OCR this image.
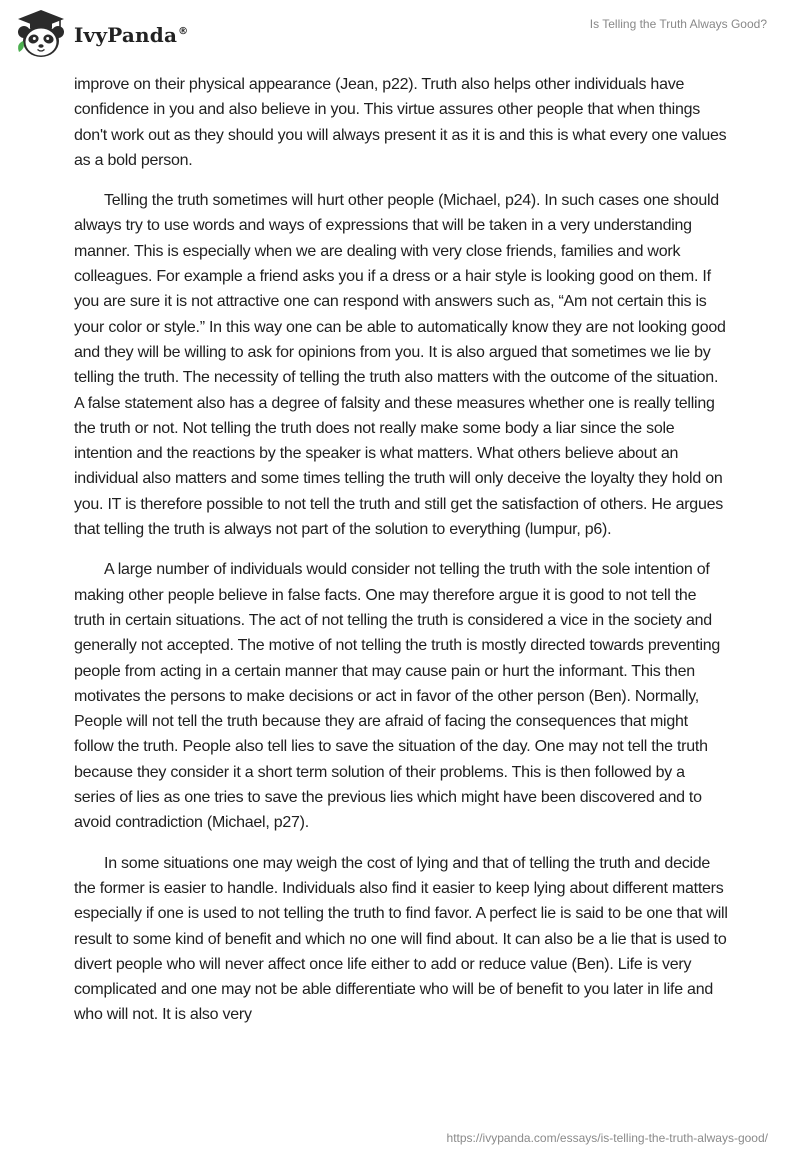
IvyPanda®
Is Telling the Truth Always Good?

improve on their physical appearance (Jean, p22). Truth also helps other individuals have confidence in you and also believe in you. This virtue assures other people that when things don't work out as they should you will always present it as it is and this is what every one values as a bold person.

Telling the truth sometimes will hurt other people (Michael, p24). In such cases one should always try to use words and ways of expressions that will be taken in a very understanding manner. This is especially when we are dealing with very close friends, families and work colleagues. For example a friend asks you if a dress or a hair style is looking good on them. If you are sure it is not attractive one can respond with answers such as, “Am not certain this is your color or style.” In this way one can be able to automatically know they are not looking good and they will be willing to ask for opinions from you. It is also argued that sometimes we lie by telling the truth. The necessity of telling the truth also matters with the outcome of the situation. A false statement also has a degree of falsity and these measures whether one is really telling the truth or not. Not telling the truth does not really make some body a liar since the sole intention and the reactions by the speaker is what matters. What others believe about an individual also matters and some times telling the truth will only deceive the loyalty they hold on you. IT is therefore possible to not tell the truth and still get the satisfaction of others. He argues that telling the truth is always not part of the solution to everything (lumpur, p6).

A large number of individuals would consider not telling the truth with the sole intention of making other people believe in false facts. One may therefore argue it is good to not tell the truth in certain situations. The act of not telling the truth is considered a vice in the society and generally not accepted. The motive of not telling the truth is mostly directed towards preventing people from acting in a certain manner that may cause pain or hurt the informant. This then motivates the persons to make decisions or act in favor of the other person (Ben). Normally, People will not tell the truth because they are afraid of facing the consequences that might follow the truth. People also tell lies to save the situation of the day. One may not tell the truth because they consider it a short term solution of their problems. This is then followed by a series of lies as one tries to save the previous lies which might have been discovered and to avoid contradiction (Michael, p27).

In some situations one may weigh the cost of lying and that of telling the truth and decide the former is easier to handle. Individuals also find it easier to keep lying about different matters especially if one is used to not telling the truth to find favor. A perfect lie is said to be one that will result to some kind of benefit and which no one will find about. It can also be a lie that is used to divert people who will never affect once life either to add or reduce value (Ben). Life is very complicated and one may not be able differentiate who will be of benefit to you later in life and who will not. It is also very

https://ivypanda.com/essays/is-telling-the-truth-always-good/
